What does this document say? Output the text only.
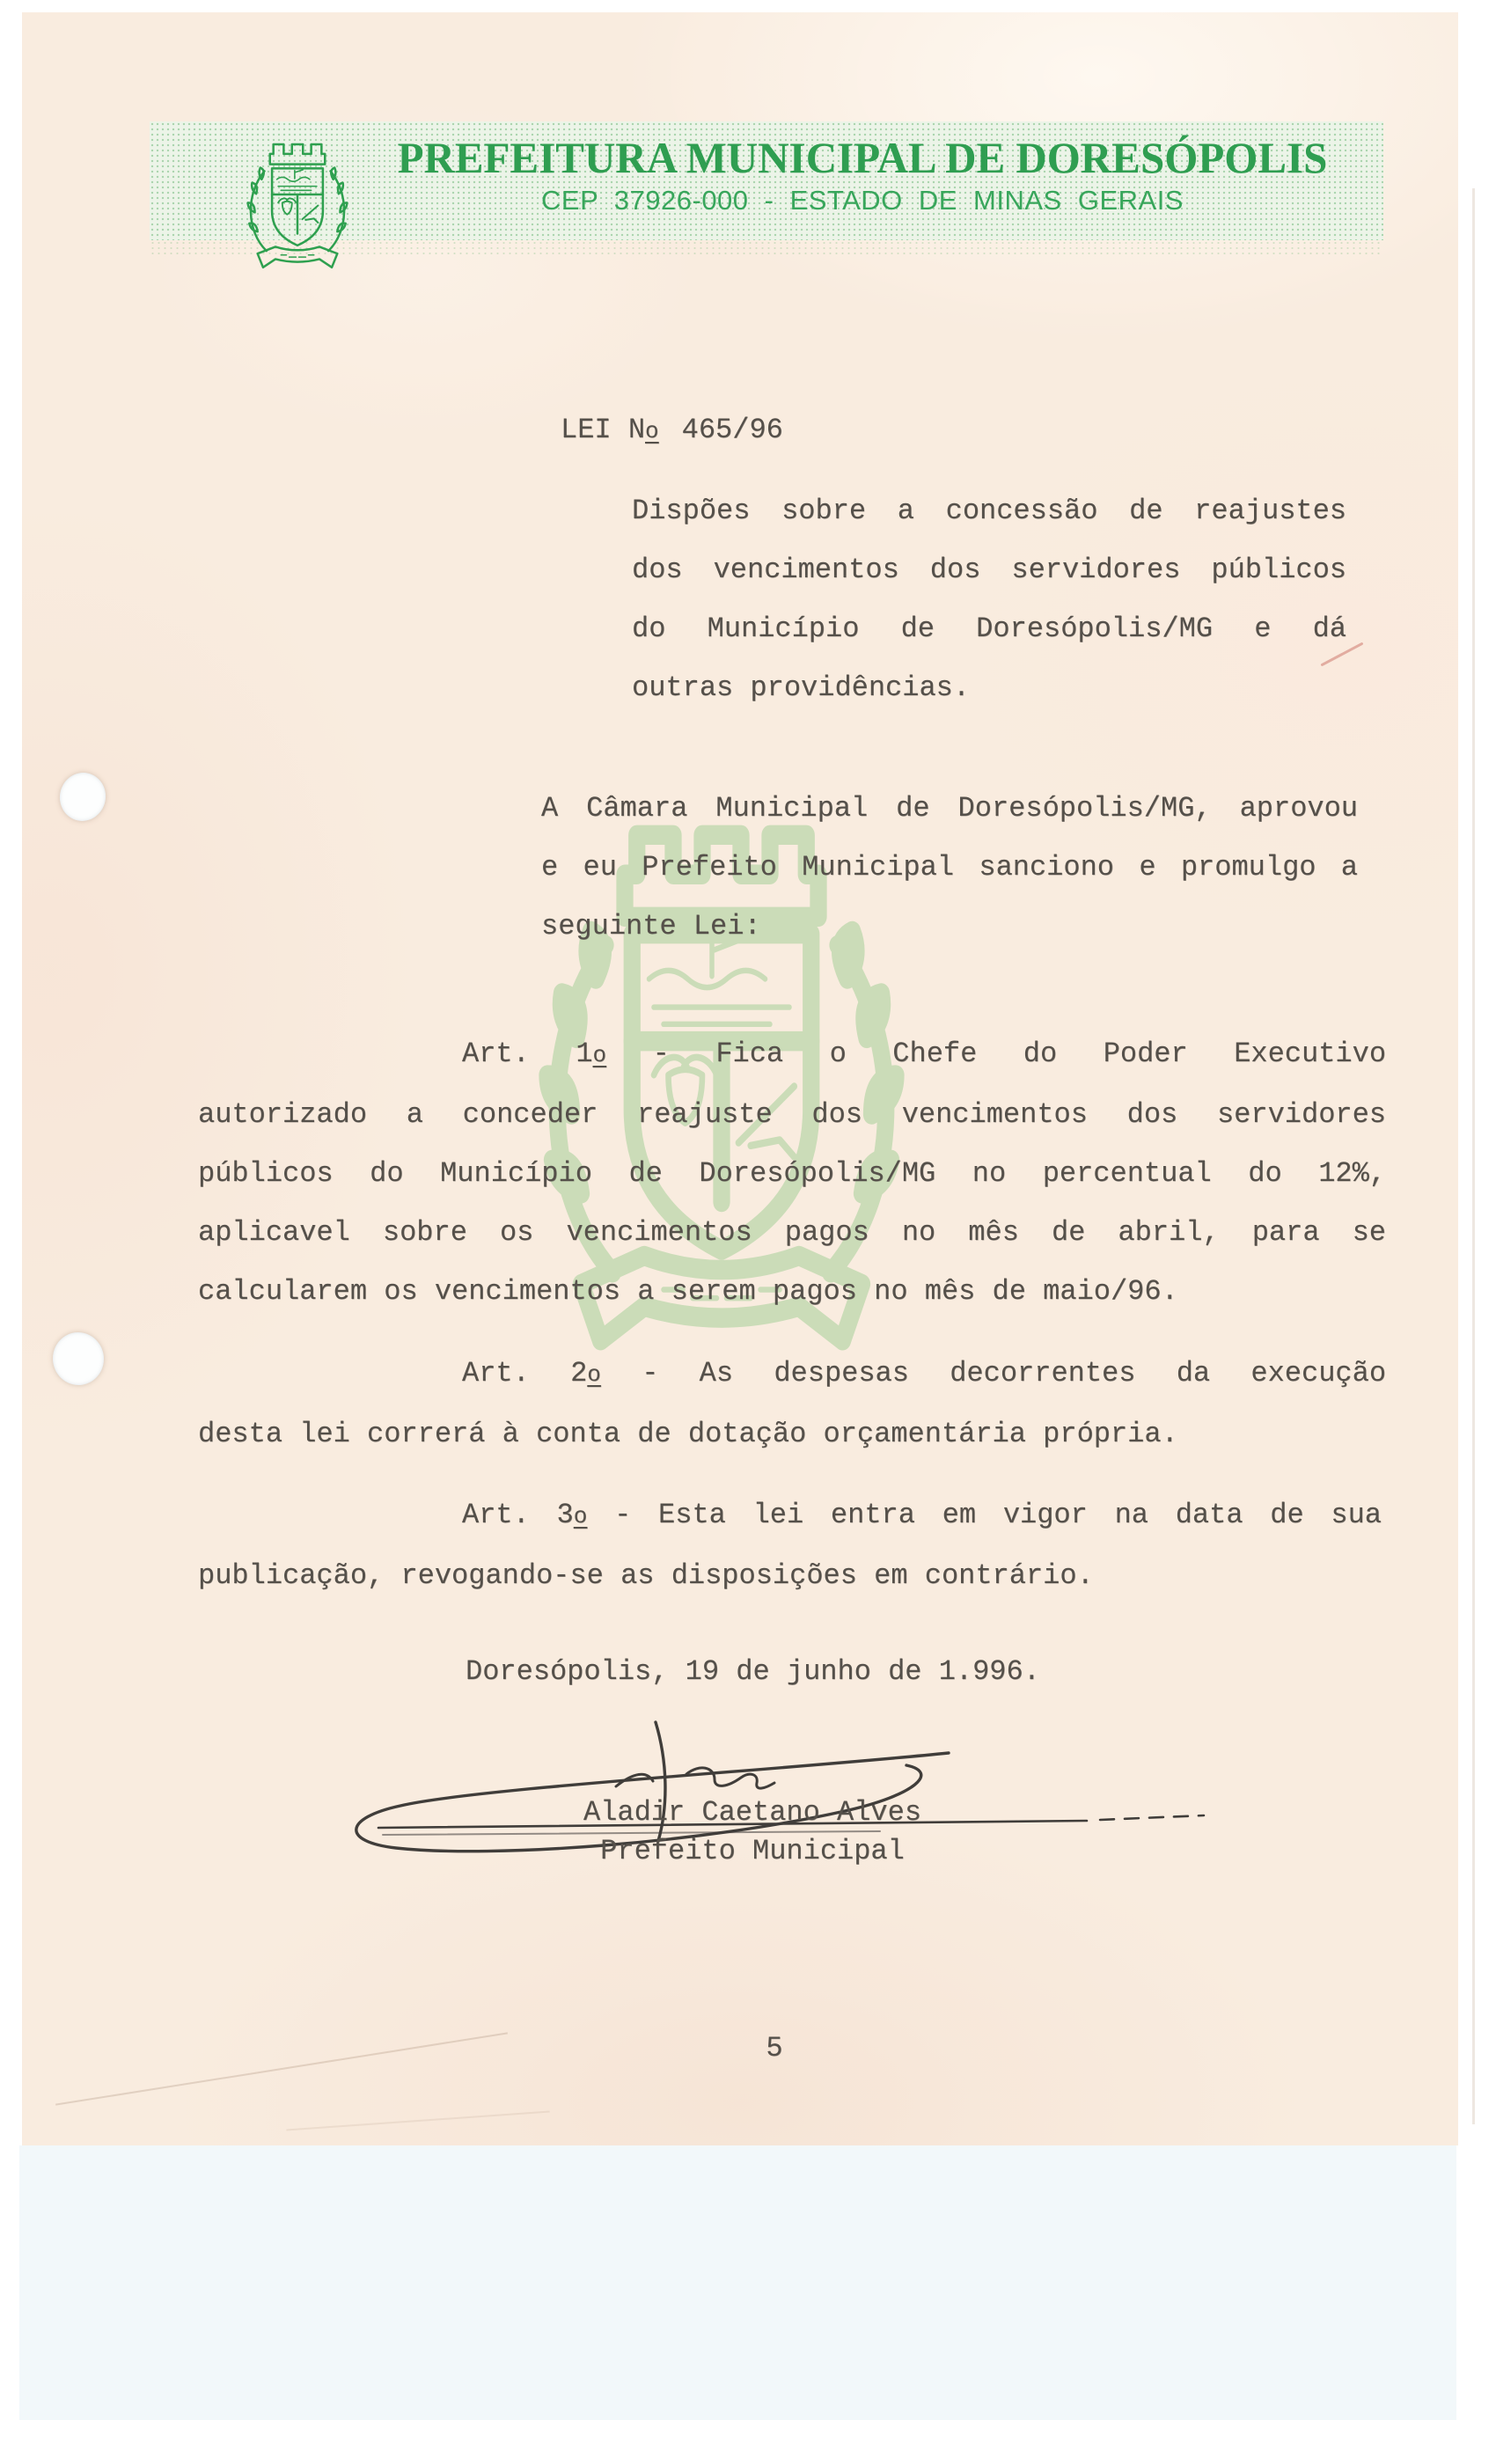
PREFEITURA MUNICIPAL DE DORESÓPOLIS
CEP 37926-000 - ESTADO DE MINAS GERAIS
LEI No 465/96
Dispões sobre a concessão de reajustes
dos vencimentos dos servidores públicos
do Município de Doresópolis/MG e dá
outras providências.
A Câmara Municipal de Doresópolis/MG, aprovou
e eu Prefeito Municipal sanciono e promulgo a
seguinte Lei:
Art. 1o - Fica o Chefe do Poder Executivo
autorizado a conceder reajuste dos vencimentos dos servidores
públicos do Município de Doresópolis/MG no percentual do 12%,
aplicavel sobre os vencimentos pagos no mês de abril, para se
calcularem os vencimentos a serem pagos no mês de maio/96.
Art. 2o - As despesas decorrentes da execução
desta lei correrá à conta de dotação orçamentária própria.
Art. 3o - Esta lei entra em vigor na data de sua
publicação, revogando-se as disposições em contrário.
Doresópolis, 19 de junho de 1.996.
Aladir Caetano Alves
Prefeito Municipal
5
